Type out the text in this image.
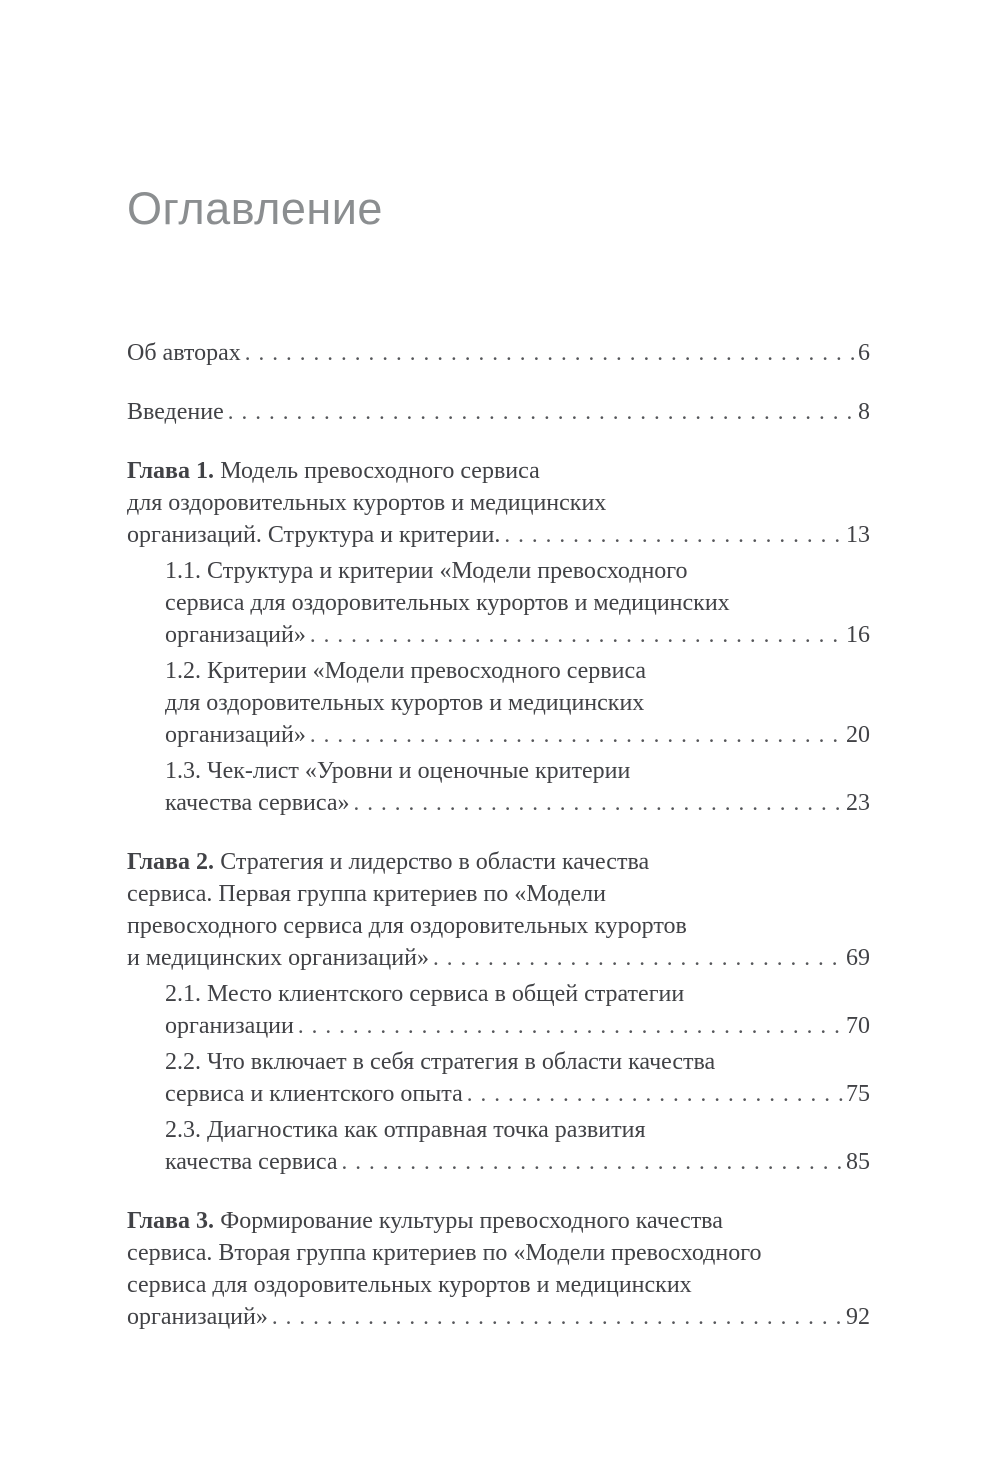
Оглавление
Об авторах .....	6
Введение .....	8
Глава 1. Модель превосходного сервиса
для оздоровительных курортов и медицинских
организаций. Структура и критерии. .....	13
1.1. Структура и критерии «Модели превосходного
сервиса для оздоровительных курортов и медицинских
организаций» .....	16
1.2. Критерии «Модели превосходного сервиса
для оздоровительных курортов и медицинских
организаций» .....	20
1.3. Чек-лист «Уровни и оценочные критерии
качества сервиса» .....	23
Глава 2. Стратегия и лидерство в области качества
сервиса. Первая группа критериев по «Модели
превосходного сервиса для оздоровительных курортов
и медицинских организаций» .....	69
2.1. Место клиентского сервиса в общей стратегии
организации .....	70
2.2. Что включает в себя стратегия в области качества
сервиса и клиентского опыта .....	75
2.3. Диагностика как отправная точка развития
качества сервиса .....	85
Глава 3. Формирование культуры превосходного качества
сервиса. Вторая группа критериев по «Модели превосходного
сервиса для оздоровительных курортов и медицинских
организаций» .....	92
